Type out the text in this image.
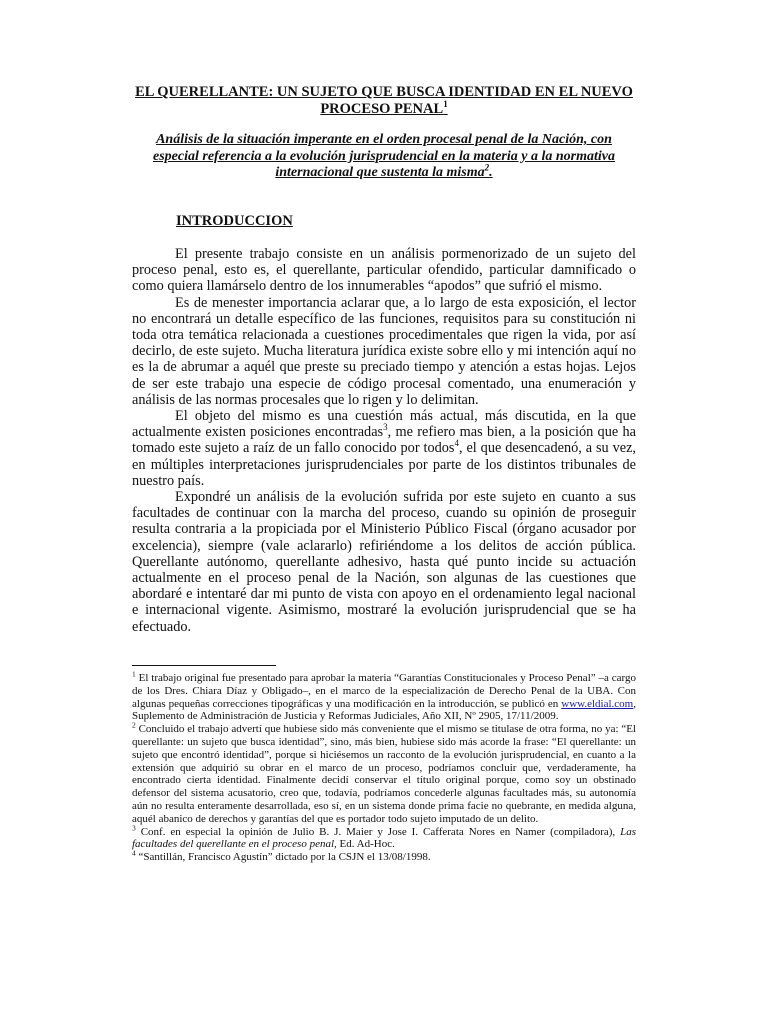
EL QUERELLANTE: UN SUJETO QUE BUSCA IDENTIDAD EN EL NUEVO PROCESO PENAL$^1$
Análisis de la situación imperante en el orden procesal penal de la Nación, con especial referencia a la evolución jurisprudencial en la materia y a la normativa internacional que sustenta la misma$^2$.
INTRODUCCION

El presente trabajo consiste en un análisis pormenorizado de un sujeto del proceso penal, esto es, el querellante, particular ofendido, particular damnificado o como quiera llamárselo dentro de los innumerables “apodos” que sufrió el mismo.

Es de menester importancia aclarar que, a lo largo de esta exposición, el lector no encontrará un detalle específico de las funciones, requisitos para su constitución ni toda otra temática relacionada a cuestiones procedimentales que rigen la vida, por así decirlo, de este sujeto. Mucha literatura jurídica existe sobre ello y mi intención aquí no es la de abrumar a aquél que preste su preciado tiempo y atención a estas hojas. Lejos de ser este trabajo una especie de código procesal comentado, una enumeración y análisis de las normas procesales que lo rigen y lo delimitan.

El objeto del mismo es una cuestión más actual, más discutida, en la que actualmente existen posiciones encontradas$^3$, me refiero mas bien, a la posición que ha tomado este sujeto a raíz de un fallo conocido por todos$^4$, el que desencadenó, a su vez, en múltiples interpretaciones jurisprudenciales por parte de los distintos tribunales de nuestro país.

Expondré un análisis de la evolución sufrida por este sujeto en cuanto a sus facultades de continuar con la marcha del proceso, cuando su opinión de proseguir resulta contraria a la propiciada por el Ministerio Público Fiscal (órgano acusador por excelencia), siempre (vale aclararlo) refiriéndome a los delitos de acción pública. Querellante autónomo, querellante adhesivo, hasta qué punto incide su actuación actualmente en el proceso penal de la Nación, son algunas de las cuestiones que abordaré e intentaré dar mi punto de vista con apoyo en el ordenamiento legal nacional e internacional vigente. Asimismo, mostraré la evolución jurisprudencial que se ha efectuado.

$^1$ El trabajo original fue presentado para aprobar la materia “Garantías Constitucionales y Proceso Penal” –a cargo de los Dres. Chiara Díaz y Obligado–, en el marco de la especialización de Derecho Penal de la UBA. Con algunas pequeñas correcciones tipográficas y una modificación en la introducción, se publicó en www.eldial.com, Suplemento de Administración de Justicia y Reformas Judiciales, Año XII, Nº 2905, 17/11/2009.

$^2$ Concluido el trabajo advertí que hubiese sido más conveniente que el mismo se titulase de otra forma, no ya: “El querellante: un sujeto que busca identidad”, sino, más bien, hubiese sido más acorde la frase: “El querellante: un sujeto que encontró identidad”, porque si hiciésemos un racconto de la evolución jurisprudencial, en cuanto a la extensión que adquirió su obrar en el marco de un proceso, podríamos concluir que, verdaderamente, ha encontrado cierta identidad. Finalmente decidí conservar el título original porque, como soy un obstinado defensor del sistema acusatorio, creo que, todavía, podríamos concederle algunas facultades más, su autonomía aún no resulta enteramente desarrollada, eso sí, en un sistema donde prima facie no quebrante, en medida alguna, aquél abanico de derechos y garantías del que es portador todo sujeto imputado de un delito.

$^3$ Conf. en especial la opinión de Julio B. J. Maier y Jose I. Cafferata Nores en Namer (compiladora), Las facultades del querellante en el proceso penal, Ed. Ad-Hoc.

$^4$ “Santillán, Francisco Agustín” dictado por la CSJN el 13/08/1998.
